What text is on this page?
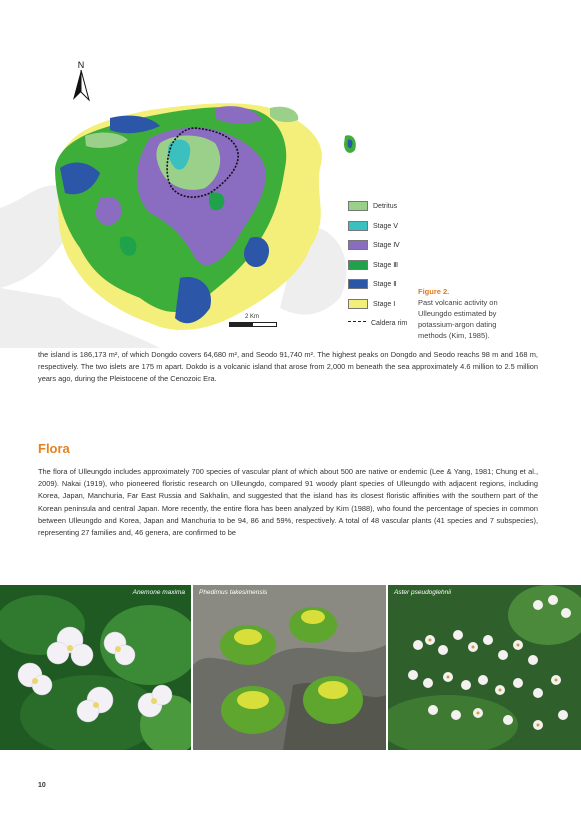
N
Detritus
Stage Ⅴ
Stage Ⅳ
Stage Ⅲ
Stage Ⅱ
Stage Ⅰ
Caldera rim
2 Km
Figure 2.
Past volcanic activity on Ulleungdo estimated by potassium-argon dating methods (Kim, 1985).

the island is 186,173 m², of which Dongdo covers 64,680 m², and Seodo 91,740 m². The highest peaks on Dongdo and Seodo reachs 98 m and 168 m, respectively. The two islets are 175 m apart. Dokdo is a volcanic island that arose from 2,000 m beneath the sea approximately 4.6 million to 2.5 million years ago, during the Pleistocene of the Cenozoic Era.

Flora

The flora of Ulleungdo includes approximately 700 species of vascular plant of which about 500 are native or endemic (Lee & Yang, 1981; Chung et al., 2009). Nakai (1919), who pioneered floristic research on Ulleungdo, compared 91 woody plant species of Ulleungdo with adjacent regions, including Korea, Japan, Manchuria, Far East Russia and Sakhalin, and suggested that the island has its closest floristic affinities with the southern part of the Korean peninsula and central Japan. More recently, the entire flora has been analyzed by Kim (1988), who found the percentage of species in common between Ulleungdo and Korea, Japan and Manchuria to be 94, 86 and 59%, respectively. A total of 48 vascular plants (41 species and 7 subspecies), representing 27 families and, 46 genera, are confirmed to be

Anemone maxima Phedimus takesimensis	Aster pseudoglehnii
10
